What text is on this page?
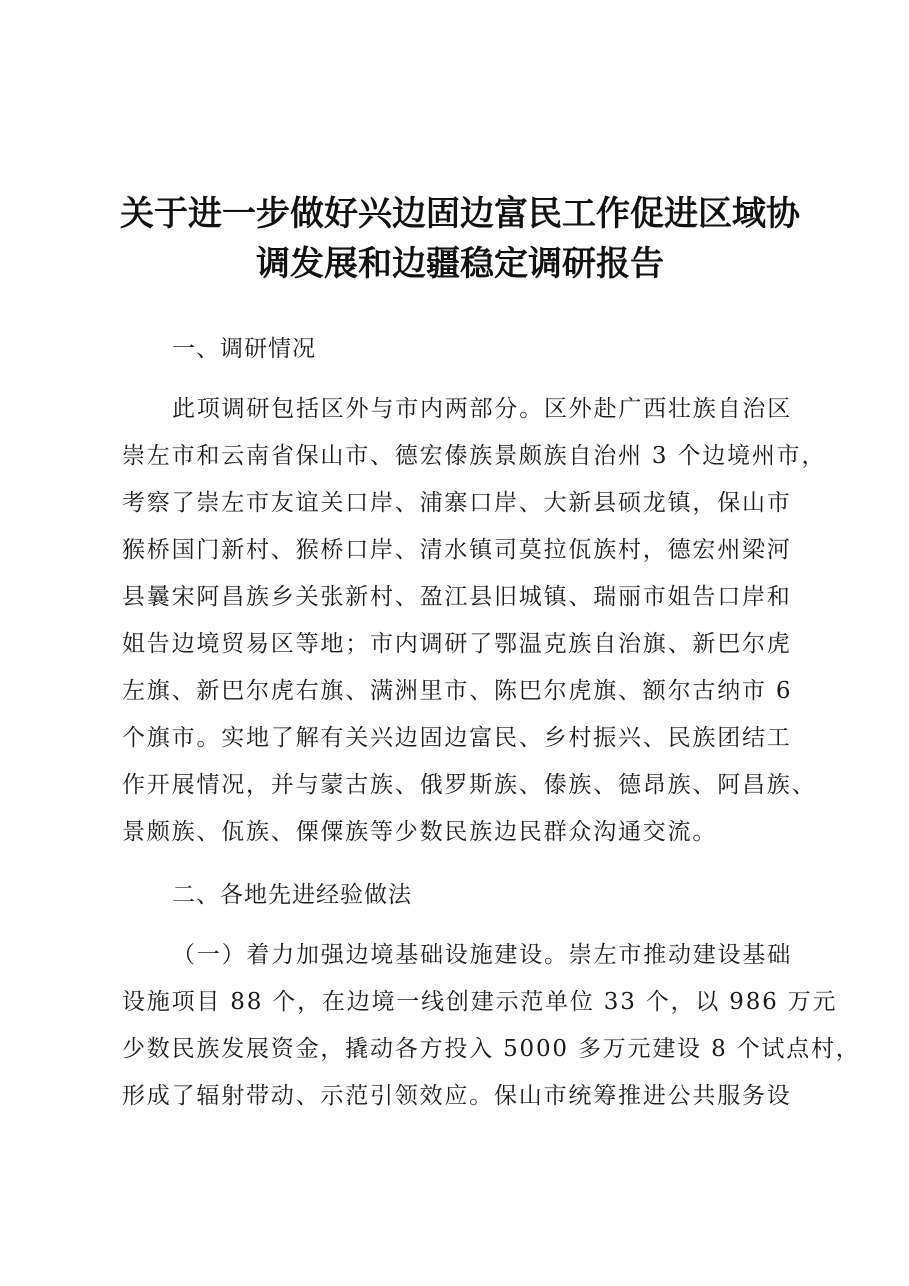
关于进一步做好兴边固边富民工作促进区域协
调发展和边疆稳定调研报告
一、调研情况
此项调研包括区外与市内两部分。区外赴广西壮族自治区
崇左市和云南省保山市、德宏傣族景颇族自治州 3 个边境州市，
考察了崇左市友谊关口岸、浦寨口岸、大新县硕龙镇，保山市
猴桥国门新村、猴桥口岸、清水镇司莫拉佤族村，德宏州梁河
县曩宋阿昌族乡关张新村、盈江县旧城镇、瑞丽市姐告口岸和
姐告边境贸易区等地；市内调研了鄂温克族自治旗、新巴尔虎
左旗、新巴尔虎右旗、满洲里市、陈巴尔虎旗、额尔古纳市 6
个旗市。实地了解有关兴边固边富民、乡村振兴、民族团结工
作开展情况，并与蒙古族、俄罗斯族、傣族、德昂族、阿昌族、
景颇族、佤族、傈僳族等少数民族边民群众沟通交流。
二、各地先进经验做法
（一）着力加强边境基础设施建设。崇左市推动建设基础
设施项目 88 个，在边境一线创建示范单位 33 个，以 986 万元
少数民族发展资金，撬动各方投入 5000 多万元建设 8 个试点村，
形成了辐射带动、示范引领效应。保山市统筹推进公共服务设
